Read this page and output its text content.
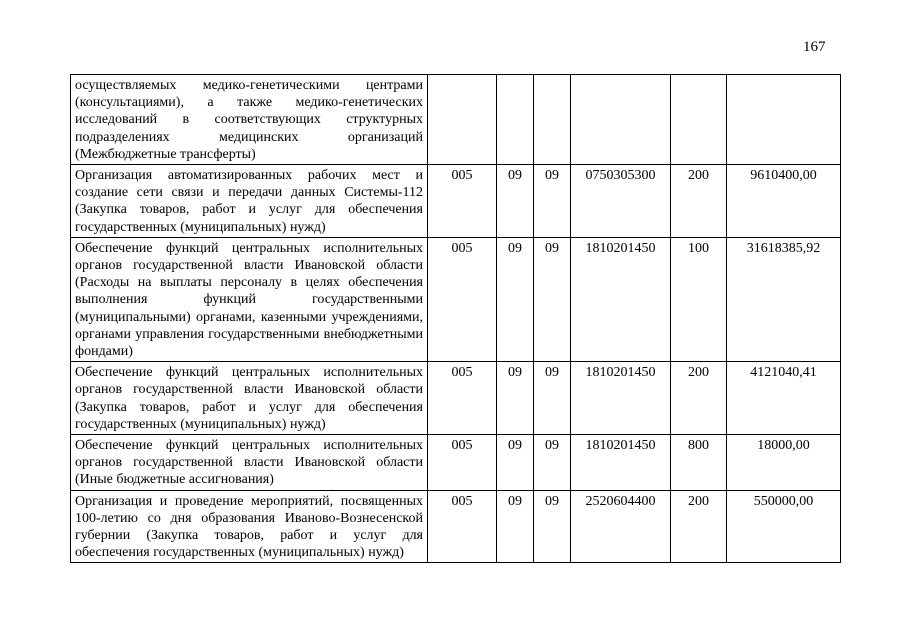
167
осуществляемых медико-генетическими центрами (консультациями), а также медико-генетических исследований в соответствующих структурных подразделениях медицинских организаций (Межбюджетные трансферты)						
Организация автоматизированных рабочих мест и создание сети связи и передачи данных Системы-112 (Закупка товаров, работ и услуг для обеспечения государственных (муниципальных) нужд)	005	09	09	0750305300	200	9610400,00
Обеспечение функций центральных исполнительных органов государственной власти Ивановской области (Расходы на выплаты персоналу в целях обеспечения выполнения функций государственными (муниципальными) органами, казенными учреждениями, органами управления государственными внебюджетными фондами)	005	09	09	1810201450	100	31618385,92
Обеспечение функций центральных исполнительных органов государственной власти Ивановской области (Закупка товаров, работ и услуг для обеспечения государственных (муниципальных) нужд)	005	09	09	1810201450	200	4121040,41
Обеспечение функций центральных исполнительных органов государственной власти Ивановской области (Иные бюджетные ассигнования)	005	09	09	1810201450	800	18000,00
Организация и проведение мероприятий, посвященных 100-летию со дня образования Иваново-Вознесенской губернии (Закупка товаров, работ и услуг для обеспечения государственных (муниципальных) нужд)	005	09	09	2520604400	200	550000,00
